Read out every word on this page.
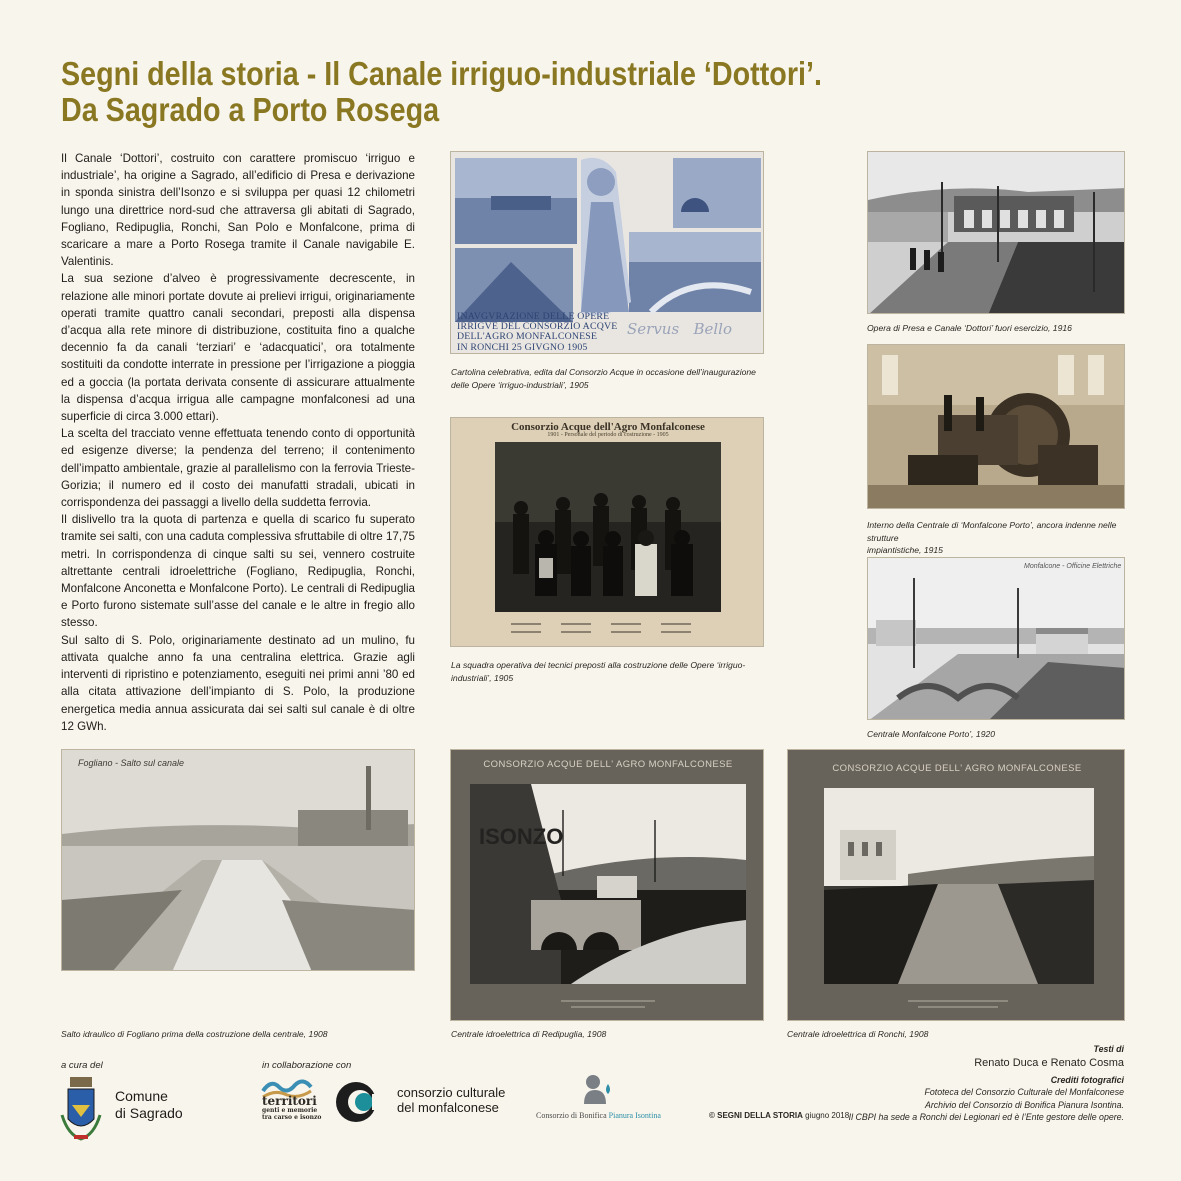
Segni della storia - Il Canale irriguo-industriale ‘Dottori’.
Da Sagrado a Porto Rosega

Il Canale ‘Dottori’, costruito con carattere promiscuo ‘irriguo e industriale’, ha origine a Sagrado, all’edificio di Presa e derivazione in sponda sinistra dell’Isonzo e si sviluppa per quasi 12 chilometri lungo una direttrice nord-sud che attraversa gli abitati di Sagrado, Fogliano, Redipuglia, Ronchi, San Polo e Monfalcone, prima di scaricare a mare a Porto Rosega tramite il Canale navigabile E. Valentinis.

La sua sezione d’alveo è progressivamente decrescente, in relazione alle minori portate dovute ai prelievi irrigui, originariamente operati tramite quattro canali secondari, preposti alla dispensa d’acqua alla rete minore di distribuzione, costituita fino a qualche decennio fa da canali ‘terziari’ e ‘adacquatici’, ora totalmente sostituiti da condotte interrate in pressione per l’irrigazione a pioggia ed a goccia (la portata derivata consente di assicurare attualmente la dispensa d’acqua irrigua alle campagne monfalconesi ad una superficie di circa 3.000 ettari).

La scelta del tracciato venne effettuata tenendo conto di opportunità ed esigenze diverse; la pendenza del terreno; il contenimento dell’impatto ambientale, grazie al parallelismo con la ferrovia Trieste-Gorizia; il numero ed il costo dei manufatti stradali, ubicati in corrispondenza dei passaggi a livello della suddetta ferrovia.

Il dislivello tra la quota di partenza e quella di scarico fu superato tramite sei salti, con una caduta complessiva sfruttabile di oltre 17,75 metri. In corrispondenza di cinque salti su sei, vennero costruite altrettante centrali idroelettriche (Fogliano, Redipuglia, Ronchi, Monfalcone Anconetta e Monfalcone Porto). Le centrali di Redipuglia e Porto furono sistemate sull’asse del canale e le altre in fregio allo stesso.

Sul salto di S. Polo, originariamente destinato ad un mulino, fu attivata qualche anno fa una centralina elettrica. Grazie agli interventi di ripristino e potenziamento, eseguiti nei primi anni ’80 ed alla citata attivazione dell’impianto di S. Polo, la produzione energetica media annua assicurata dai sei salti sul canale è di oltre 12 GWh.

INAVGVRAZIONE DELLE OPERE
IRRIGVE DEL CONSORZIO ACQVE
DELL'AGRO MONFALCONESE
IN RONCHI 25 GIVGNO 1905
Servus   Bello
Cartolina celebrativa, edita dal Consorzio Acque in occasione dell’inaugurazione
delle Opere ‘irriguo-industriali’, 1905
Consorzio Acque dell'Agro Monfalconese
1901 - Personale del periodo di costruzione - 1905
La squadra operativa dei tecnici preposti alla costruzione delle Opere ‘irriguo-industriali’, 1905
Opera di Presa e Canale ‘Dottori’ fuori esercizio, 1916
Interno della Centrale di ‘Monfalcone Porto’, ancora indenne nelle strutture
impiantistiche, 1915
Monfalcone - Officine Elettriche
Centrale Monfalcone Porto’, 1920
Fogliano - Salto sul canale
Salto idraulico di Fogliano prima della costruzione della centrale, 1908
CONSORZIO ACQUE DELL' AGRO MONFALCONESE
ISONZO
Centrale idroelettrica di Redipuglia, 1908
CONSORZIO ACQUE DELL' AGRO MONFALCONESE
Centrale idroelettrica di Ronchi, 1908
a cura del
Comune
di Sagrado
in collaborazione con
territori
genti e memorie
tra carso e isonzo
consorzio culturale
del monfalconese
Consorzio di Bonifica Pianura Isontina	© SEGNI DELLA STORIA giugno 2018
Testi di
Renato Duca e Renato Cosma
Crediti fotografici
Fototeca del Consorzio Culturale del Monfalconese
Archivio del Consorzio di Bonifica Pianura Isontina.
Il CBPI ha sede a Ronchi dei Legionari ed è l’Ente gestore delle opere.
